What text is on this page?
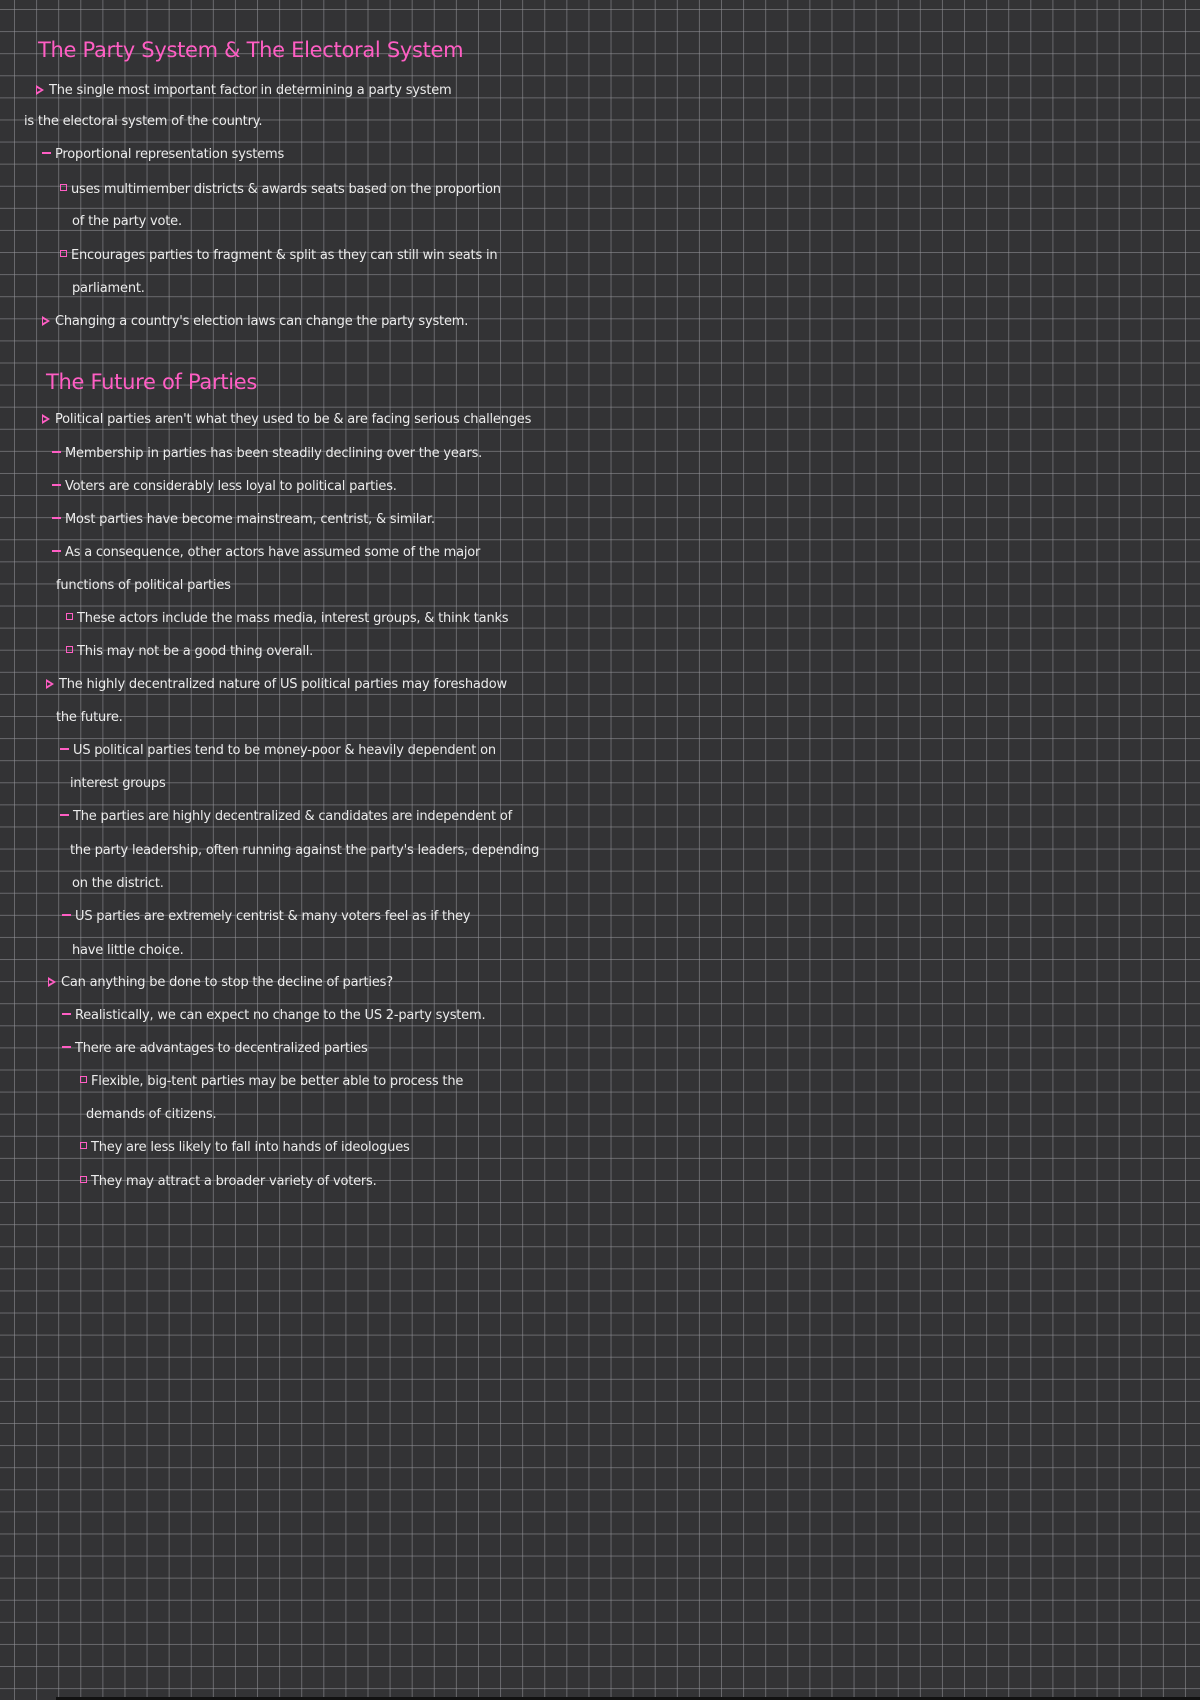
The Party System & The Electoral System
The single most important factor in determining a party system
is the electoral system of the country.
Proportional representation systems
uses multimember districts & awards seats based on the proportion
of the party vote.
Encourages parties to fragment & split as they can still win seats in
parliament.
Changing a country's election laws can change the party system.
The Future of Parties
Political parties aren't what they used to be & are facing serious challenges
Membership in parties has been steadily declining over the years.
Voters are considerably less loyal to political parties.
Most parties have become mainstream, centrist, & similar.
As a consequence, other actors have assumed some of the major
functions of political parties
These actors include the mass media, interest groups, & think tanks
This may not be a good thing overall.
The highly decentralized nature of US political parties may foreshadow
the future.
US political parties tend to be money-poor & heavily dependent on
interest groups
The parties are highly decentralized & candidates are independent of
the party leadership, often running against the party's leaders, depending
on the district.
US parties are extremely centrist & many voters feel as if they
have little choice.
Can anything be done to stop the decline of parties?
Realistically, we can expect no change to the US 2-party system.
There are advantages to decentralized parties
Flexible, big-tent parties may be better able to process the
demands of citizens.
They are less likely to fall into hands of ideologues
They may attract a broader variety of voters.
